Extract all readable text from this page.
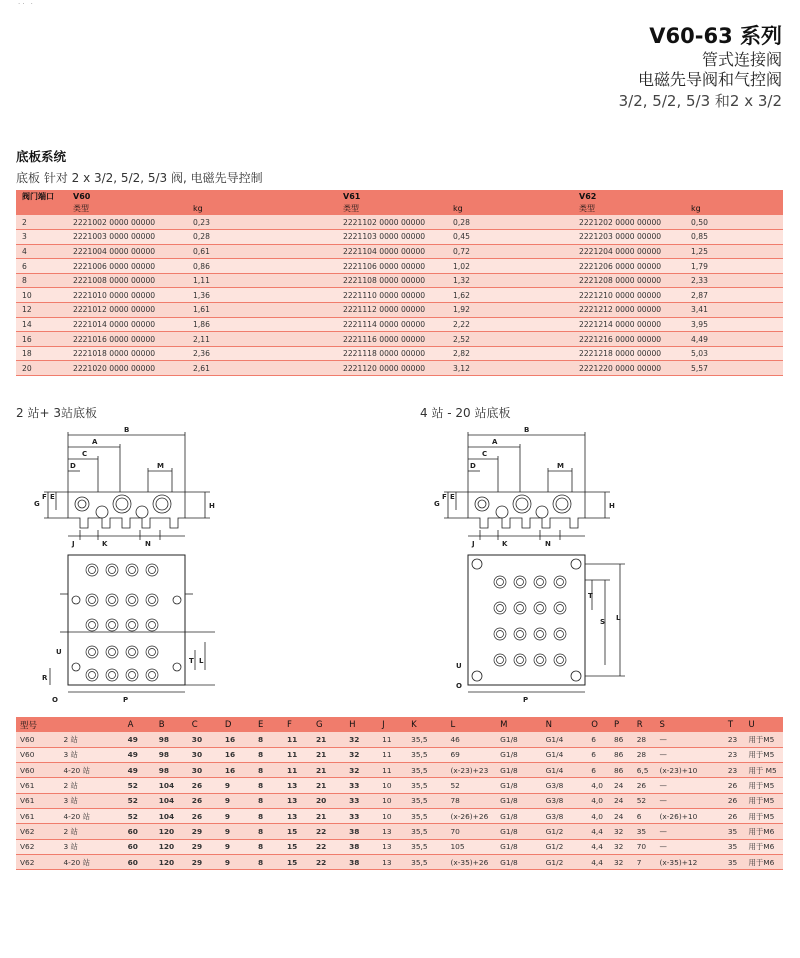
·· ·
V60-63 系列
管式连接阀
电磁先导阀和气控阀
3/2, 5/2, 5/3 和2 x 3/2
底板系统
底板 针对 2 x 3/2, 5/2, 5/3 阀, 电磁先导控制
阀门端口	V60		V61		V62	
	类型	kg	类型	kg	类型	kg
2	2221002 0000 00000	0,23	2221102 0000 00000	0,28	2221202 0000 00000	0,50
3	2221003 0000 00000	0,28	2221103 0000 00000	0,45	2221203 0000 00000	0,85
4	2221004 0000 00000	0,61	2221104 0000 00000	0,72	2221204 0000 00000	1,25
6	2221006 0000 00000	0,86	2221106 0000 00000	1,02	2221206 0000 00000	1,79
8	2221008 0000 00000	1,11	2221108 0000 00000	1,32	2221208 0000 00000	2,33
10	2221010 0000 00000	1,36	2221110 0000 00000	1,62	2221210 0000 00000	2,87
12	2221012 0000 00000	1,61	2221112 0000 00000	1,92	2221212 0000 00000	3,41
14	2221014 0000 00000	1,86	2221114 0000 00000	2,22	2221214 0000 00000	3,95
16	2221016 0000 00000	2,11	2221116 0000 00000	2,52	2221216 0000 00000	4,49
18	2221018 0000 00000	2,36	2221118 0000 00000	2,82	2221218 0000 00000	5,03
20	2221020 0000 00000	2,61	2221120 0000 00000	3,12	2221220 0000 00000	5,57
2 站+ 3站底板	4 站 - 20 站底板
B
A
C
D	M
G
F E
H
J	K	N
U
R
O	P
T L
B
A
C
D	M
G
F E
H
J	K	N
U
O
P
T
S L
型号		A	B	C	D	E	F	G	H	J	K	L	M	N	O	P	R	S	T	U
V60	2 站	49	98	30	16	8	11	21	32	11	35,5	46	G1/8	G1/4	6	86	28	—	23	用于M5
V60	3 站	49	98	30	16	8	11	21	32	11	35,5	69	G1/8	G1/4	6	86	28	—	23	用于M5
V60	4-20 站	49	98	30	16	8	11	21	32	11	35,5	(x-23)+23	G1/8	G1/4	6	86	6,5	(x-23)+10	23	用于 M5
V61	2 站	52	104	26	9	8	13	21	33	10	35,5	52	G1/8	G3/8	4,0	24	26	—	26	用于M5
V61	3 站	52	104	26	9	8	13	20	33	10	35,5	78	G1/8	G3/8	4,0	24	52	—	26	用于M5
V61	4-20 站	52	104	26	9	8	13	21	33	10	35,5	(x-26)+26	G1/8	G3/8	4,0	24	6	(x-26)+10	26	用于M5
V62	2 站	60	120	29	9	8	15	22	38	13	35,5	70	G1/8	G1/2	4,4	32	35	—	35	用于M6
V62	3 站	60	120	29	9	8	15	22	38	13	35,5	105	G1/8	G1/2	4,4	32	70	—	35	用于M6
V62	4-20 站	60	120	29	9	8	15	22	38	13	35,5	(x-35)+26	G1/8	G1/2	4,4	32	7	(x-35)+12	35	用于M6
